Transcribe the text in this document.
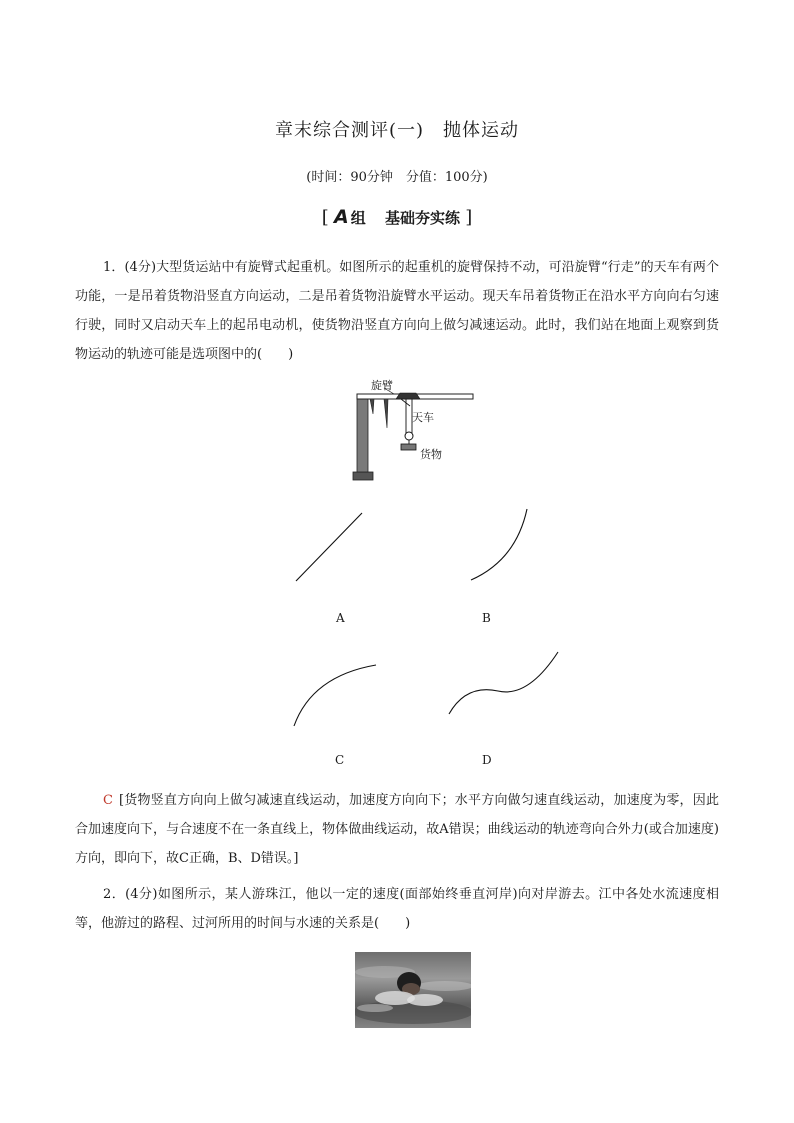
章末综合测评(一)　抛体运动
(时间：90分钟　分值：100分)
[ A 组 基础夯实练 ]
1．(4分)大型货运站中有旋臂式起重机。如图所示的起重机的旋臂保持不动，可沿旋臂“行走”的天车有两个功能，一是吊着货物沿竖直方向运动，二是吊着货物沿旋臂水平运动。现天车吊着货物正在沿水平方向向右匀速行驶，同时又启动天车上的起吊电动机，使货物沿竖直方向向上做匀减速运动。此时，我们站在地面上观察到货物运动的轨迹可能是选项图中的(　　)
旋臂
天车
货物
A	B
C	D
C [货物竖直方向向上做匀减速直线运动，加速度方向向下；水平方向做匀速直线运动，加速度为零，因此合加速度向下，与合速度不在一条直线上，物体做曲线运动，故A错误；曲线运动的轨迹弯向合外力(或合加速度)方向，即向下，故C正确，B、D错误。]
2．(4分)如图所示，某人游珠江，他以一定的速度(面部始终垂直河岸)向对岸游去。江中各处水流速度相等，他游过的路程、过河所用的时间与水速的关系是(　　)
